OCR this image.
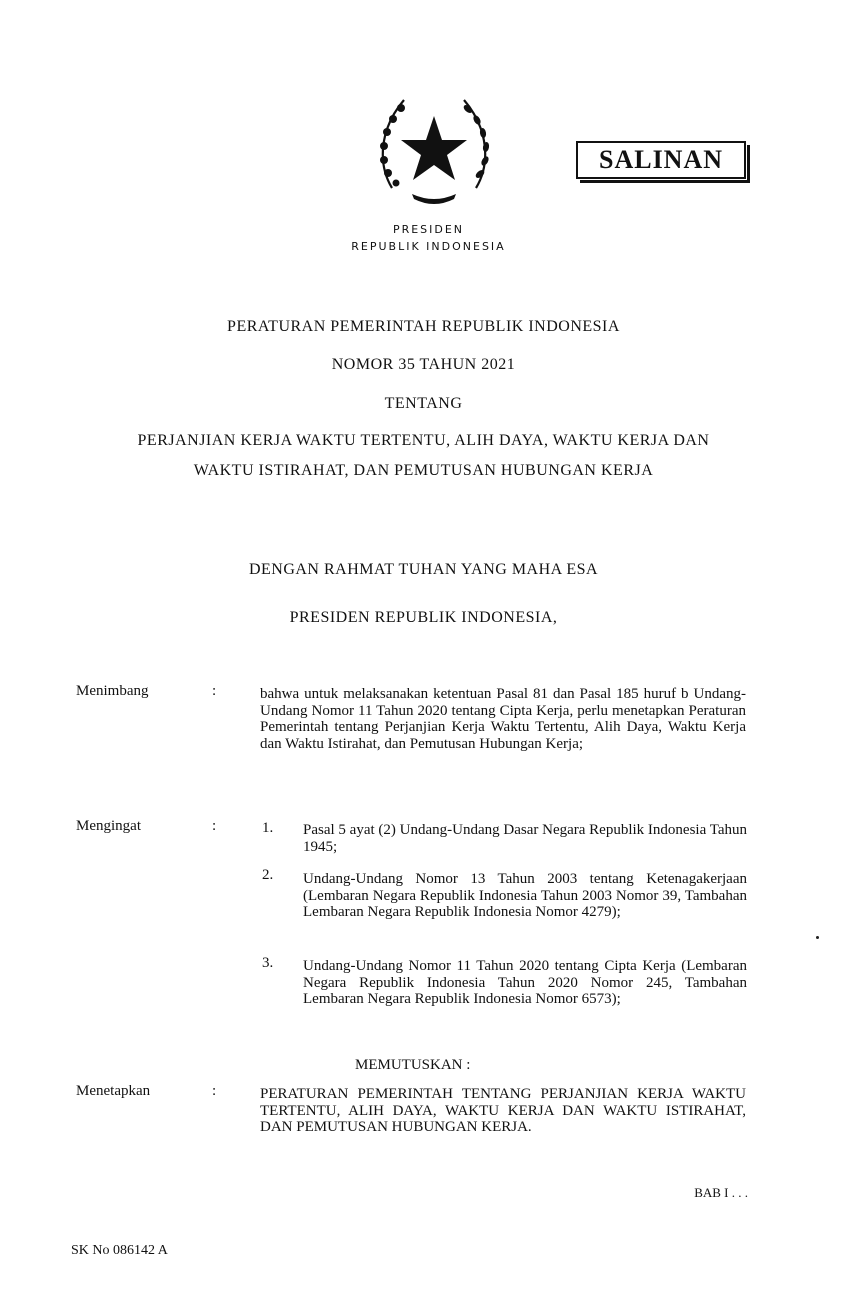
SALINAN
PRESIDEN
REPUBLIK INDONESIA
PERATURAN PEMERINTAH REPUBLIK INDONESIA
NOMOR 35 TAHUN 2021
TENTANG
PERJANJIAN KERJA WAKTU TERTENTU, ALIH DAYA, WAKTU KERJA DAN
WAKTU ISTIRAHAT, DAN PEMUTUSAN HUBUNGAN KERJA
DENGAN RAHMAT TUHAN YANG MAHA ESA
PRESIDEN REPUBLIK INDONESIA,
Menimbang	:	bahwa untuk melaksanakan ketentuan Pasal 81 dan Pasal 185 huruf b Undang-Undang Nomor 11 Tahun 2020 tentang Cipta Kerja, perlu menetapkan Peraturan Pemerintah tentang Perjanjian Kerja Waktu Tertentu, Alih Daya, Waktu Kerja dan Waktu Istirahat, dan Pemutusan Hubungan Kerja;
Mengingat	:	1. Pasal 5 ayat (2) Undang-Undang Dasar Negara Republik Indonesia Tahun 1945;
2. Undang-Undang Nomor 13 Tahun 2003 tentang Ketenagakerjaan (Lembaran Negara Republik Indonesia Tahun 2003 Nomor 39, Tambahan Lembaran Negara Republik Indonesia Nomor 4279);
3. Undang-Undang Nomor 11 Tahun 2020 tentang Cipta Kerja (Lembaran Negara Republik Indonesia Tahun 2020 Nomor 245, Tambahan Lembaran Negara Republik Indonesia Nomor 6573);
MEMUTUSKAN :
Menetapkan	:	PERATURAN PEMERINTAH TENTANG PERJANJIAN KERJA WAKTU TERTENTU, ALIH DAYA, WAKTU KERJA DAN WAKTU ISTIRAHAT, DAN PEMUTUSAN HUBUNGAN KERJA.
BAB I . . .
SK No 086142 A
